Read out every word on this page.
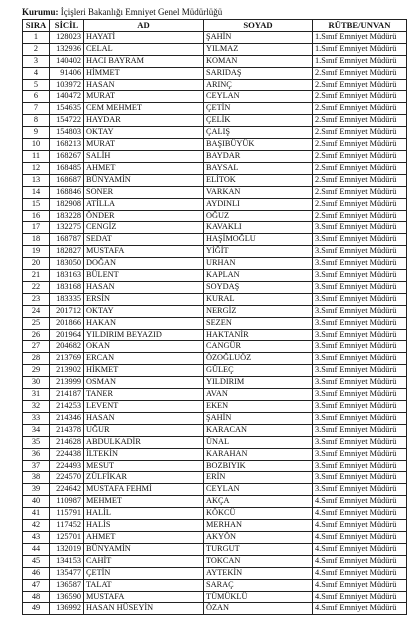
Kurumu: İçişleri Bakanlığı Emniyet Genel Müdürlüğü
SIRA	SİCİL	AD	SOYAD	RÜTBE/UNVAN
1	128023	HAYATİ	ŞAHİN	1.Sınıf Emniyet Müdürü
2	132936	CELAL	YILMAZ	1.Sınıf Emniyet Müdürü
3	140402	HACI BAYRAM	KOMAN	1.Sınıf Emniyet Müdürü
4	91406	HİMMET	SARIDAŞ	2.Sınıf Emniyet Müdürü
5	103972	HASAN	ARINÇ	2.Sınıf Emniyet Müdürü
6	140472	MURAT	CEYLAN	2.Sınıf Emniyet Müdürü
7	154635	CEM MEHMET	ÇETİN	2.Sınıf Emniyet Müdürü
8	154722	HAYDAR	ÇELİK	2.Sınıf Emniyet Müdürü
9	154803	OKTAY	ÇALIŞ	2.Sınıf Emniyet Müdürü
10	168213	MURAT	BAŞIBÜYÜK	2.Sınıf Emniyet Müdürü
11	168267	SALİH	BAYDAR	2.Sınıf Emniyet Müdürü
12	168485	AHMET	BAYSAL	2.Sınıf Emniyet Müdürü
13	168687	BÜNYAMİN	ELİTOK	2.Sınıf Emniyet Müdürü
14	168846	SONER	VARKAN	2.Sınıf Emniyet Müdürü
15	182908	ATİLLA	AYDINLI	2.Sınıf Emniyet Müdürü
16	183228	ÖNDER	OĞUZ	2.Sınıf Emniyet Müdürü
17	132275	CENGİZ	KAVAKLI	3.Sınıf Emniyet Müdürü
18	168787	SEDAT	HAŞİMOĞLU	3.Sınıf Emniyet Müdürü
19	182827	MUSTAFA	YİĞİT	3.Sınıf Emniyet Müdürü
20	183050	DOĞAN	URHAN	3.Sınıf Emniyet Müdürü
21	183163	BÜLENT	KAPLAN	3.Sınıf Emniyet Müdürü
22	183168	HASAN	SOYDAŞ	3.Sınıf Emniyet Müdürü
23	183335	ERSİN	KURAL	3.Sınıf Emniyet Müdürü
24	201712	OKTAY	NERGİZ	3.Sınıf Emniyet Müdürü
25	201866	HAKAN	SEZEN	3.Sınıf Emniyet Müdürü
26	201964	YILDIRIM BEYAZID	HAKTANİR	3.Sınıf Emniyet Müdürü
27	204682	OKAN	CANGÜR	3.Sınıf Emniyet Müdürü
28	213769	ERCAN	ÖZOĞLUÖZ	3.Sınıf Emniyet Müdürü
29	213902	HİKMET	GÜLEÇ	3.Sınıf Emniyet Müdürü
30	213999	OSMAN	YILDIRIM	3.Sınıf Emniyet Müdürü
31	214187	TANER	AVAN	3.Sınıf Emniyet Müdürü
32	214253	LEVENT	EKEN	3.Sınıf Emniyet Müdürü
33	214346	HASAN	ŞAHİN	3.Sınıf Emniyet Müdürü
34	214378	UĞUR	KARACAN	3.Sınıf Emniyet Müdürü
35	214628	ABDULKADİR	ÜNAL	3.Sınıf Emniyet Müdürü
36	224438	İLTEKİN	KARAHAN	3.Sınıf Emniyet Müdürü
37	224493	MESUT	BOZBIYIK	3.Sınıf Emniyet Müdürü
38	224570	ZÜLFİKAR	ERİN	3.Sınıf Emniyet Müdürü
39	224642	MUSTAFA FEHMİ	CEYLAN	3.Sınıf Emniyet Müdürü
40	110987	MEHMET	AKÇA	4.Sınıf Emniyet Müdürü
41	115791	HALİL	KÖKCÜ	4.Sınıf Emniyet Müdürü
42	117452	HALİS	MERHAN	4.Sınıf Emniyet Müdürü
43	125701	AHMET	AKYÖN	4.Sınıf Emniyet Müdürü
44	132019	BÜNYAMİN	TURGUT	4.Sınıf Emniyet Müdürü
45	134153	CAHİT	TOKCAN	4.Sınıf Emniyet Müdürü
46	135477	ÇETİN	AYTEKİN	4.Sınıf Emniyet Müdürü
47	136587	TALAT	SARAÇ	4.Sınıf Emniyet Müdürü
48	136590	MUSTAFA	TÜMÜKLÜ	4.Sınıf Emniyet Müdürü
49	136992	HASAN HÜSEYİN	ÖZAN	4.Sınıf Emniyet Müdürü
